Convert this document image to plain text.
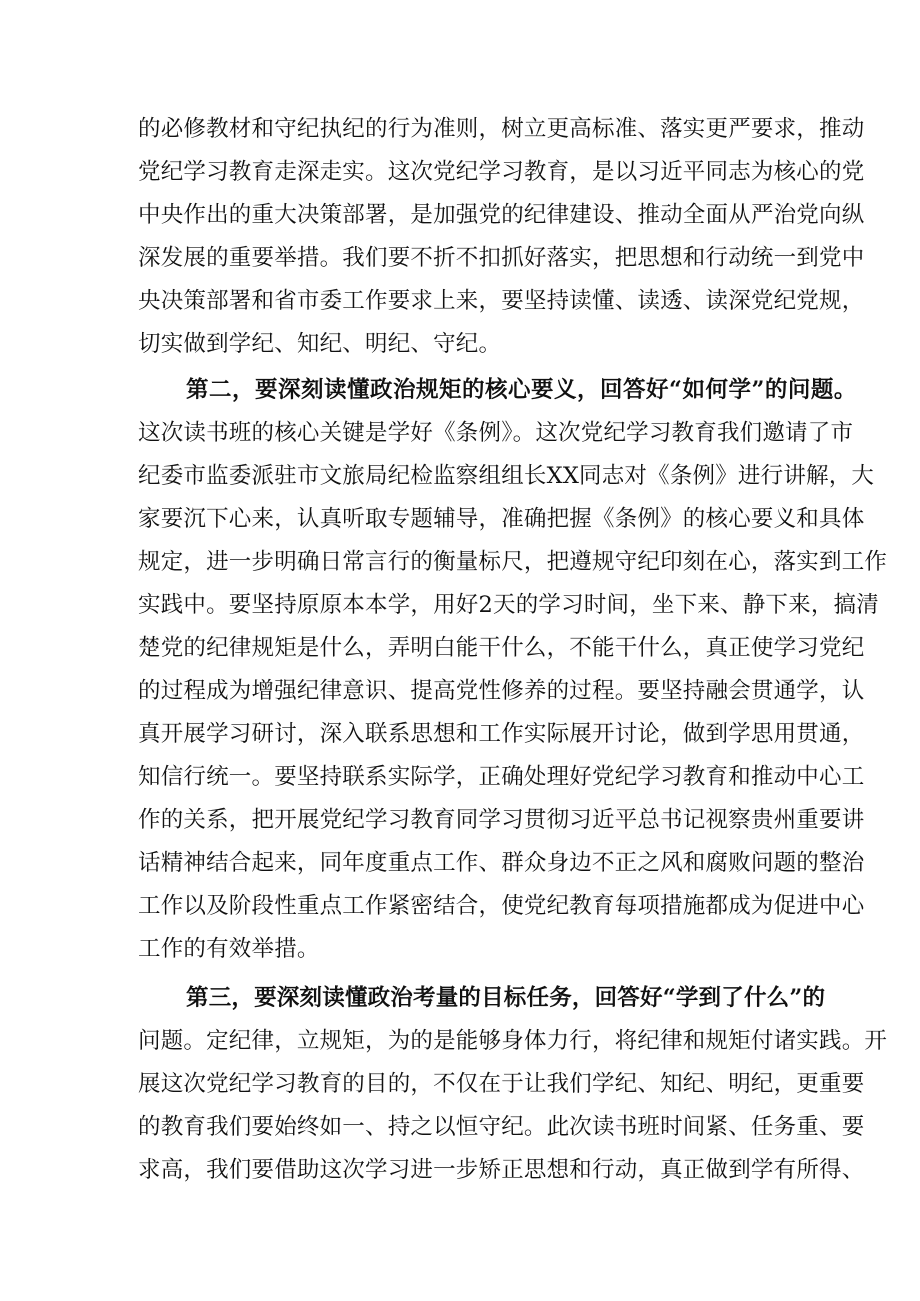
的必修教材和守纪执纪的行为准则，树立更高标准、落实更严要求，推动
党纪学习教育走深走实。这次党纪学习教育，是以习近平同志为核心的党
中央作出的重大决策部署，是加强党的纪律建设、推动全面从严治党向纵
深发展的重要举措。我们要不折不扣抓好落实，把思想和行动统一到党中
央决策部署和省市委工作要求上来，要坚持读懂、读透、读深党纪党规，
切实做到学纪、知纪、明纪、守纪。
第二，要深刻读懂政治规矩的核心要义，回答好“如何学”的问题。
这次读书班的核心关键是学好《条例》。这次党纪学习教育我们邀请了市
纪委市监委派驻市文旅局纪检监察组组长XX同志对《条例》进行讲解，大
家要沉下心来，认真听取专题辅导，准确把握《条例》的核心要义和具体
规定，进一步明确日常言行的衡量标尺，把遵规守纪印刻在心，落实到工作
实践中。要坚持原原本本学，用好2天的学习时间，坐下来、静下来，搞清
楚党的纪律规矩是什么，弄明白能干什么，不能干什么，真正使学习党纪
的过程成为增强纪律意识、提高党性修养的过程。要坚持融会贯通学，认
真开展学习研讨，深入联系思想和工作实际展开讨论，做到学思用贯通，
知信行统一。要坚持联系实际学，正确处理好党纪学习教育和推动中心工
作的关系，把开展党纪学习教育同学习贯彻习近平总书记视察贵州重要讲
话精神结合起来，同年度重点工作、群众身边不正之风和腐败问题的整治
工作以及阶段性重点工作紧密结合，使党纪教育每项措施都成为促进中心
工作的有效举措。
第三，要深刻读懂政治考量的目标任务，回答好“学到了什么”的
问题。定纪律，立规矩，为的是能够身体力行，将纪律和规矩付诸实践。开
展这次党纪学习教育的目的，不仅在于让我们学纪、知纪、明纪，更重要
的教育我们要始终如一、持之以恒守纪。此次读书班时间紧、任务重、要
求高，我们要借助这次学习进一步矫正思想和行动，真正做到学有所得、
